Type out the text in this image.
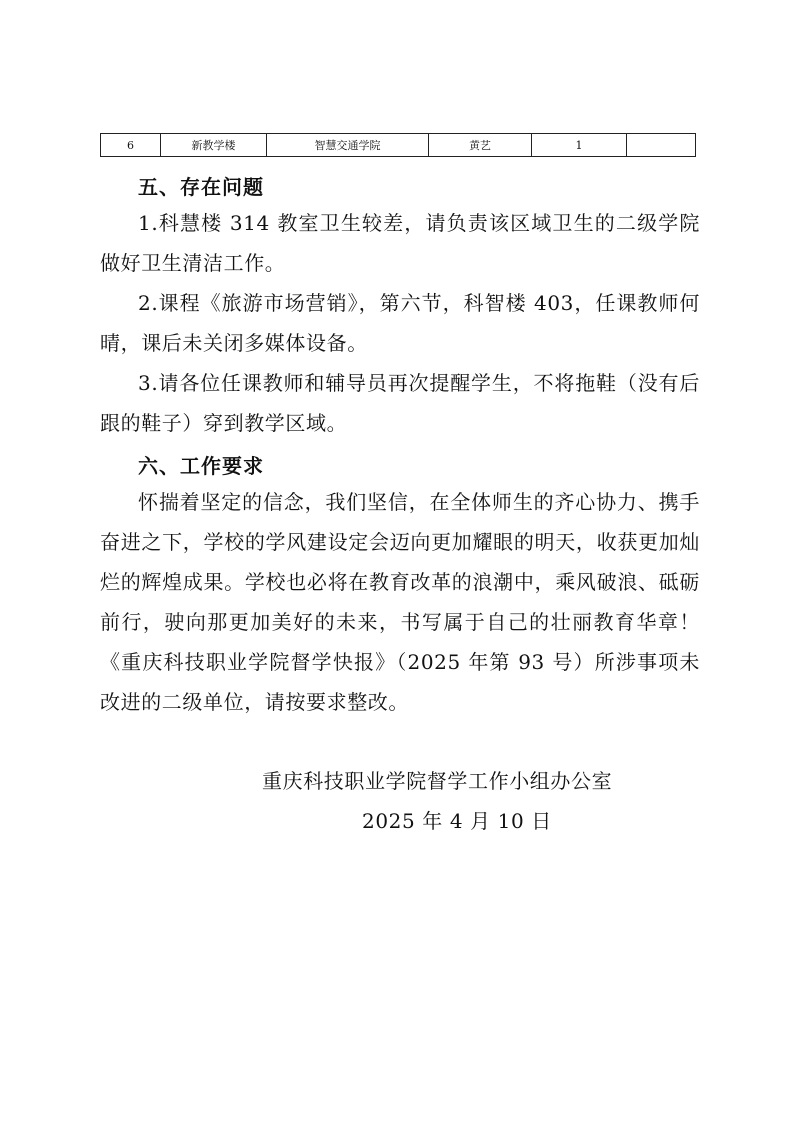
6	新教学楼	智慧交通学院	黄艺	1	
五、存在问题

1.科慧楼 314 教室卫生较差，请负责该区域卫生的二级学院做好卫生清洁工作。

2.课程《旅游市场营销》，第六节，科智楼 403，任课教师何晴，课后未关闭多媒体设备。

3.请各位任课教师和辅导员再次提醒学生，不将拖鞋（没有后跟的鞋子）穿到教学区域。

六、工作要求

怀揣着坚定的信念，我们坚信，在全体师生的齐心协力、携手奋进之下，学校的学风建设定会迈向更加耀眼的明天，收获更加灿烂的辉煌成果。学校也必将在教育改革的浪潮中，乘风破浪、砥砺前行，驶向那更加美好的未来，书写属于自己的壮丽教育华章！《重庆科技职业学院督学快报》（2025 年第 93 号）所涉事项未改进的二级单位，请按要求整改。

重庆科技职业学院督学工作小组办公室
2025 年 4 月 10 日
